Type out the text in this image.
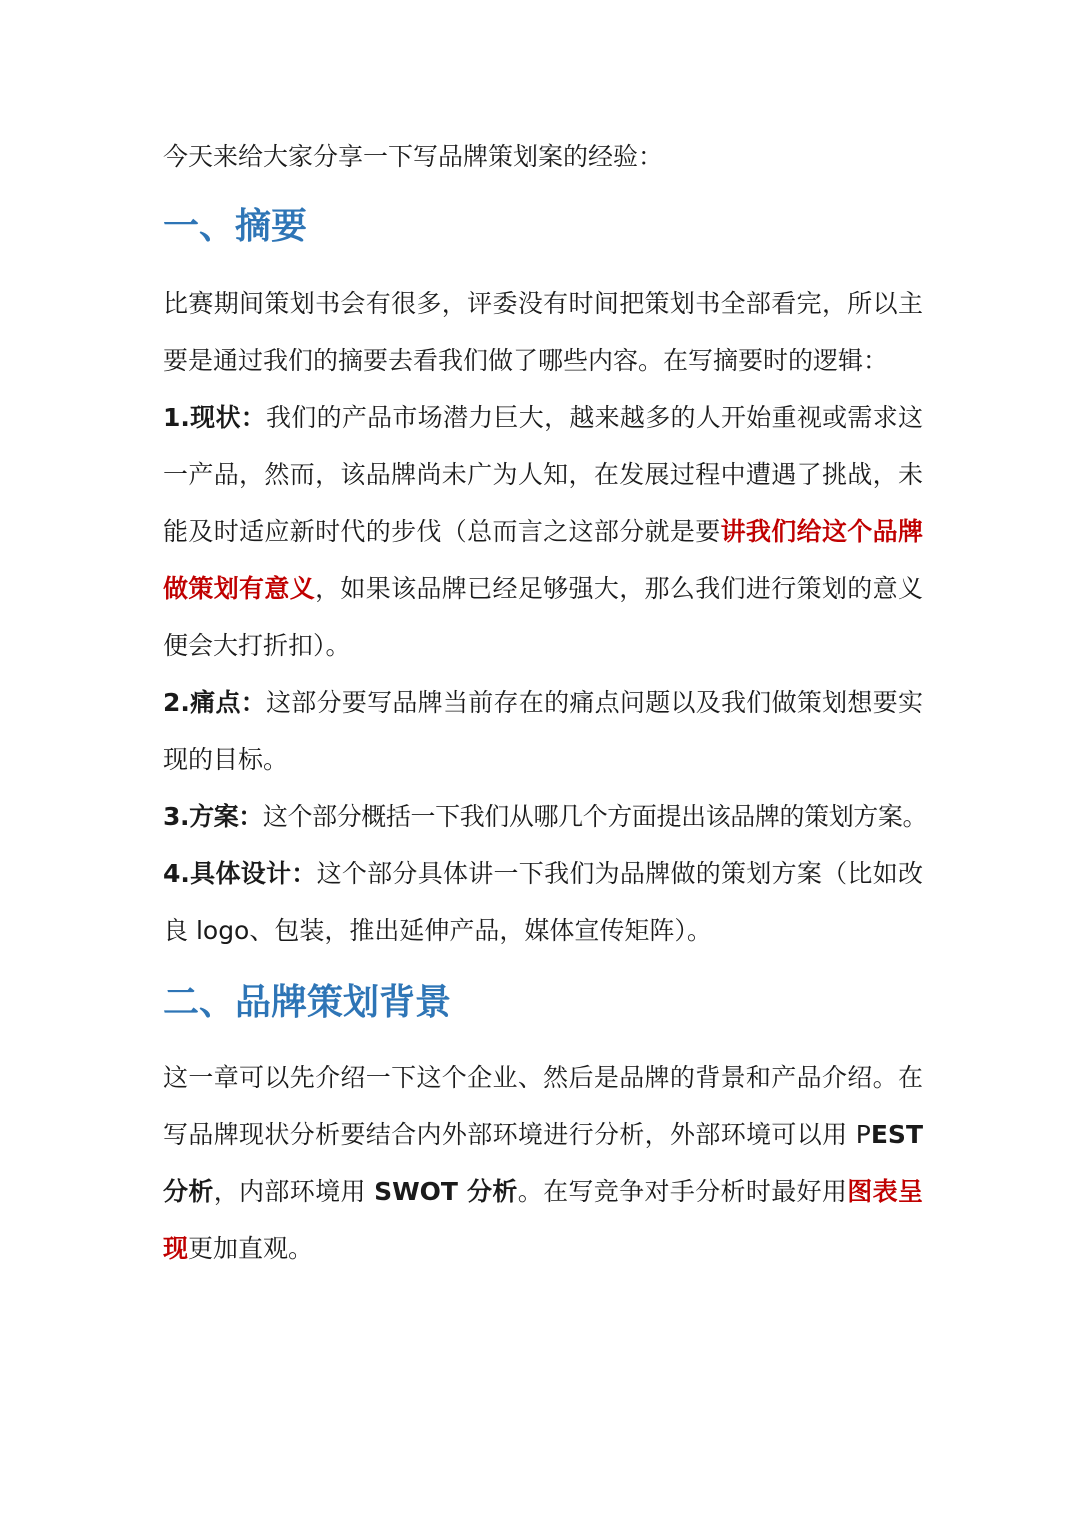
今天来给大家分享一下写品牌策划案的经验：

一、摘要

比赛期间策划书会有很多，评委没有时间把策划书全部看完，所以主要是通过我们的摘要去看我们做了哪些内容。在写摘要时的逻辑：

1.现状：我们的产品市场潜力巨大，越来越多的人开始重视或需求这一产品，然而，该品牌尚未广为人知，在发展过程中遭遇了挑战，未能及时适应新时代的步伐（总而言之这部分就是要讲我们给这个品牌做策划有意义，如果该品牌已经足够强大，那么我们进行策划的意义便会大打折扣）。

2.痛点：这部分要写品牌当前存在的痛点问题以及我们做策划想要实现的目标。

3.方案：这个部分概括一下我们从哪几个方面提出该品牌的策划方案。

4.具体设计：这个部分具体讲一下我们为品牌做的策划方案（比如改良 logo、包装，推出延伸产品，媒体宣传矩阵）。

二、品牌策划背景

这一章可以先介绍一下这个企业、然后是品牌的背景和产品介绍。在写品牌现状分析要结合内外部环境进行分析，外部环境可以用 PEST 分析，内部环境用 SWOT 分析。在写竞争对手分析时最好用图表呈现更加直观。
